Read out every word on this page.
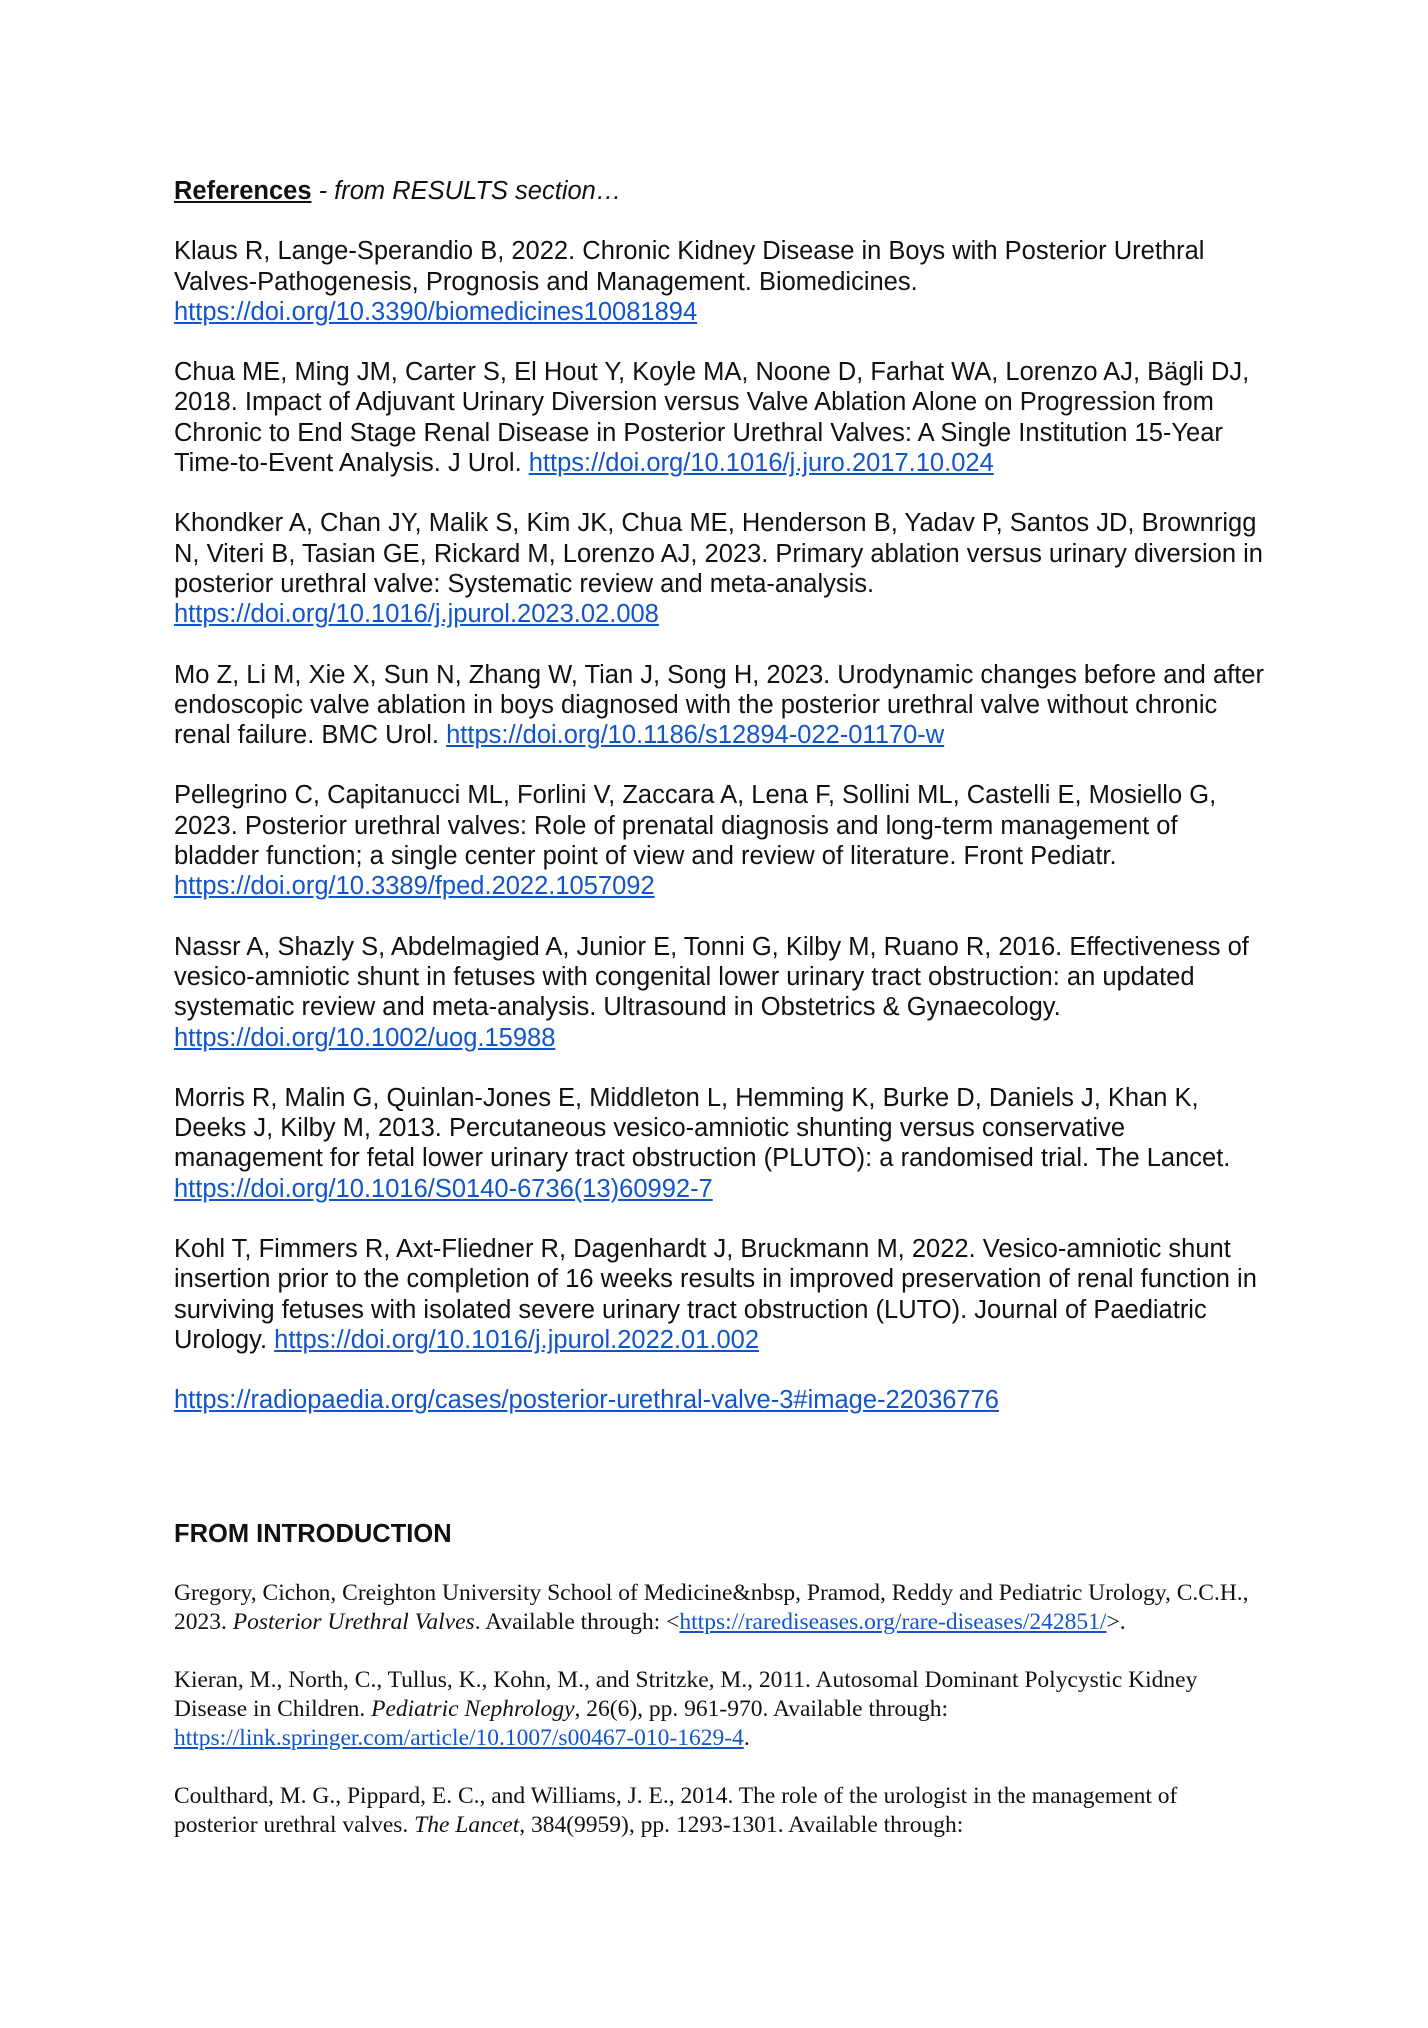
References - from RESULTS section…

Klaus R, Lange-Sperandio B, 2022. Chronic Kidney Disease in Boys with Posterior Urethral Valves-Pathogenesis, Prognosis and Management. Biomedicines. https://doi.org/10.3390/biomedicines10081894

Chua ME, Ming JM, Carter S, El Hout Y, Koyle MA, Noone D, Farhat WA, Lorenzo AJ, Bägli DJ, 2018. Impact of Adjuvant Urinary Diversion versus Valve Ablation Alone on Progression from Chronic to End Stage Renal Disease in Posterior Urethral Valves: A Single Institution 15-Year Time-to-Event Analysis. J Urol. https://doi.org/10.1016/j.juro.2017.10.024

Khondker A, Chan JY, Malik S, Kim JK, Chua ME, Henderson B, Yadav P, Santos JD, Brownrigg N, Viteri B, Tasian GE, Rickard M, Lorenzo AJ, 2023. Primary ablation versus urinary diversion in posterior urethral valve: Systematic review and meta-analysis. https://doi.org/10.1016/j.jpurol.2023.02.008

Mo Z, Li M, Xie X, Sun N, Zhang W, Tian J, Song H, 2023. Urodynamic changes before and after endoscopic valve ablation in boys diagnosed with the posterior urethral valve without chronic renal failure. BMC Urol. https://doi.org/10.1186/s12894-022-01170-w

Pellegrino C, Capitanucci ML, Forlini V, Zaccara A, Lena F, Sollini ML, Castelli E, Mosiello G, 2023. Posterior urethral valves: Role of prenatal diagnosis and long-term management of bladder function; a single center point of view and review of literature. Front Pediatr. https://doi.org/10.3389/fped.2022.1057092

Nassr A, Shazly S, Abdelmagied A, Junior E, Tonni G, Kilby M, Ruano R, 2016. Effectiveness of vesico-amniotic shunt in fetuses with congenital lower urinary tract obstruction: an updated systematic review and meta-analysis. Ultrasound in Obstetrics & Gynaecology. https://doi.org/10.1002/uog.15988

Morris R, Malin G, Quinlan-Jones E, Middleton L, Hemming K, Burke D, Daniels J, Khan K, Deeks J, Kilby M, 2013. Percutaneous vesico-amniotic shunting versus conservative management for fetal lower urinary tract obstruction (PLUTO): a randomised trial. The Lancet. https://doi.org/10.1016/S0140-6736(13)60992-7

Kohl T, Fimmers R, Axt-Fliedner R, Dagenhardt J, Bruckmann M, 2022. Vesico-amniotic shunt insertion prior to the completion of 16 weeks results in improved preservation of renal function in surviving fetuses with isolated severe urinary tract obstruction (LUTO). Journal of Paediatric Urology. https://doi.org/10.1016/j.jpurol.2022.01.002

https://radiopaedia.org/cases/posterior-urethral-valve-3#image-22036776

FROM INTRODUCTION

Gregory, Cichon, Creighton University School of Medicine&nbsp, Pramod, Reddy and Pediatric Urology, C.C.H., 2023. Posterior Urethral Valves. Available through: <https://rarediseases.org/rare-diseases/242851/>.

Kieran, M., North, C., Tullus, K., Kohn, M., and Stritzke, M., 2011. Autosomal Dominant Polycystic Kidney Disease in Children. Pediatric Nephrology, 26(6), pp. 961-970. Available through: https://link.springer.com/article/10.1007/s00467-010-1629-4.

Coulthard, M. G., Pippard, E. C., and Williams, J. E., 2014. The role of the urologist in the management of posterior urethral valves. The Lancet, 384(9959), pp. 1293-1301. Available through:
